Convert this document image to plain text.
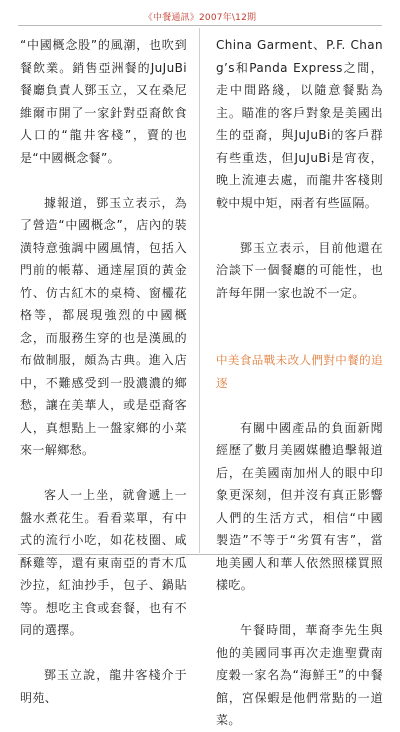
《中餐通訊》2007年\12期

“中國概念股”的風潮，也吹到餐飲業。銷售亞洲餐的JuJuBi餐廳負責人鄧玉立，又在桑尼維爾市開了一家針對亞裔飲食人口的“龍井客棧”，賣的也是“中國概念餐”。

據報道，鄧玉立表示，為了營造“中國概念”，店內的裝潢特意強調中國風情，包括入門前的帳幕、通達屋頂的黃金竹、仿古紅木的桌椅、窗欞花格等，都展現強烈的中國概念，而服務生穿的也是漢風的布做制服，頗為古典。進入店中，不難感受到一股濃濃的鄉愁，讓在美華人，或是亞裔客人，真想點上一盤家鄉的小菜來一解鄉愁。

客人一上坐，就會遞上一盤水煮花生。看看菜單，有中式的流行小吃，如花枝圈、咸酥雞等，還有東南亞的青木瓜沙拉，紅油抄手，包子、鍋貼等。想吃主食或套餐，也有不同的選擇。

鄧玉立說，龍井客棧介于明苑、

China Garment、P.F. Chang’s和Panda Express之間，走中間路綫，以隨意餐點為主。瞄准的客戶對象是美國出生的亞裔，與JuJuBi的客戶群有些重迭，但JuJuBi是宵夜，晚上流連去處，而龍井客棧則較中規中矩，兩者有些區隔。

鄧玉立表示，目前他還在洽談下一個餐廳的可能性，也許每年開一家也說不一定。

中美食品戰未改人們對中餐的追逐

有關中國產品的負面新聞經歷了數月美國媒體追擊報道后，在美國南加州人的眼中印象更深刻，但并沒有真正影響人們的生活方式，相信“中國製造”不等于“劣質有害”，當地美國人和華人依然照樣買照樣吃。

午餐時間，華裔李先生與他的美國同事再次走進聖費南度穀一家名為“海鮮王”的中餐館，宮保蝦是他們常點的一道菜。
